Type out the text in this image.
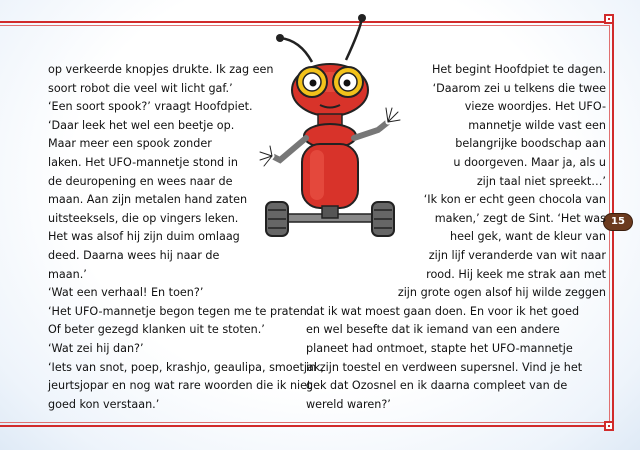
15
op verkeerde knopjes drukte. Ik zag een
soort robot die veel wit licht gaf.’
‘Een soort spook?’ vraagt Hoofdpiet.
‘Daar leek het wel een beetje op.
Maar meer een spook zonder
laken. Het UFO-mannetje stond in
de deuropening en wees naar de
maan. Aan zijn metalen hand zaten
uitsteeksels, die op vingers leken.
Het was alsof hij zijn duim omlaag
deed. Daarna wees hij naar de
maan.’
‘Wat een verhaal! En toen?’
‘Het UFO-mannetje begon tegen me te praten.
Of beter gezegd klanken uit te stoten.’
‘Wat zei hij dan?’
‘Iets van snot, poep, krashjo, geaulipa, smoetjak,
jeurtsjopar en nog wat rare woorden die ik niet
goed kon verstaan.’
Het begint Hoofdpiet te dagen.
‘Daarom zei u telkens die twee
vieze woordjes. Het UFO-
mannetje wilde vast een
belangrijke boodschap aan
u doorgeven. Maar ja, als u
zijn taal niet spreekt…’
‘Ik kon er echt geen chocola van
maken,’ zegt de Sint. ‘Het was
heel gek, want de kleur van
zijn lijf veranderde van wit naar
rood. Hij keek me strak aan met
zijn grote ogen alsof hij wilde zeggen
dat ik wat moest gaan doen. En voor ik het goed
en wel besefte dat ik iemand van een andere
planeet had ontmoet, stapte het UFO-mannetje
in zijn toestel en verdween supersnel. Vind je het
gek dat Ozosnel en ik daarna compleet van de
wereld waren?’
